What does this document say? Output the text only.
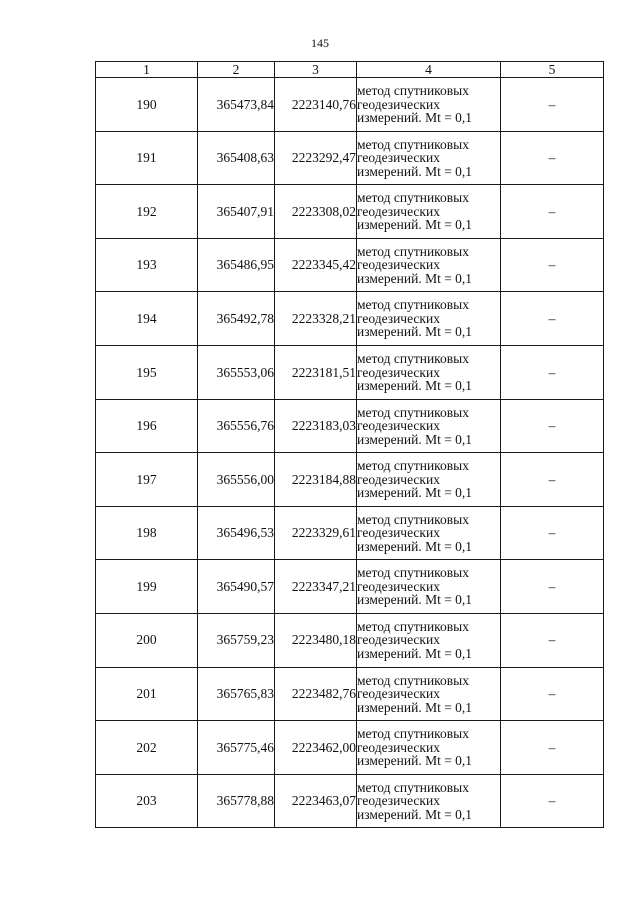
145
1	2	3	4	5
190	365473,84	2223140,76	метод спутниковых
геодезических
измерений. Mt = 0,1	–
191	365408,63	2223292,47	метод спутниковых
геодезических
измерений. Mt = 0,1	–
192	365407,91	2223308,02	метод спутниковых
геодезических
измерений. Mt = 0,1	–
193	365486,95	2223345,42	метод спутниковых
геодезических
измерений. Mt = 0,1	–
194	365492,78	2223328,21	метод спутниковых
геодезических
измерений. Mt = 0,1	–
195	365553,06	2223181,51	метод спутниковых
геодезических
измерений. Mt = 0,1	–
196	365556,76	2223183,03	метод спутниковых
геодезических
измерений. Mt = 0,1	–
197	365556,00	2223184,88	метод спутниковых
геодезических
измерений. Mt = 0,1	–
198	365496,53	2223329,61	метод спутниковых
геодезических
измерений. Mt = 0,1	–
199	365490,57	2223347,21	метод спутниковых
геодезических
измерений. Mt = 0,1	–
200	365759,23	2223480,18	метод спутниковых
геодезических
измерений. Mt = 0,1	–
201	365765,83	2223482,76	метод спутниковых
геодезических
измерений. Mt = 0,1	–
202	365775,46	2223462,00	метод спутниковых
геодезических
измерений. Mt = 0,1	–
203	365778,88	2223463,07	метод спутниковых
геодезических
измерений. Mt = 0,1	–
